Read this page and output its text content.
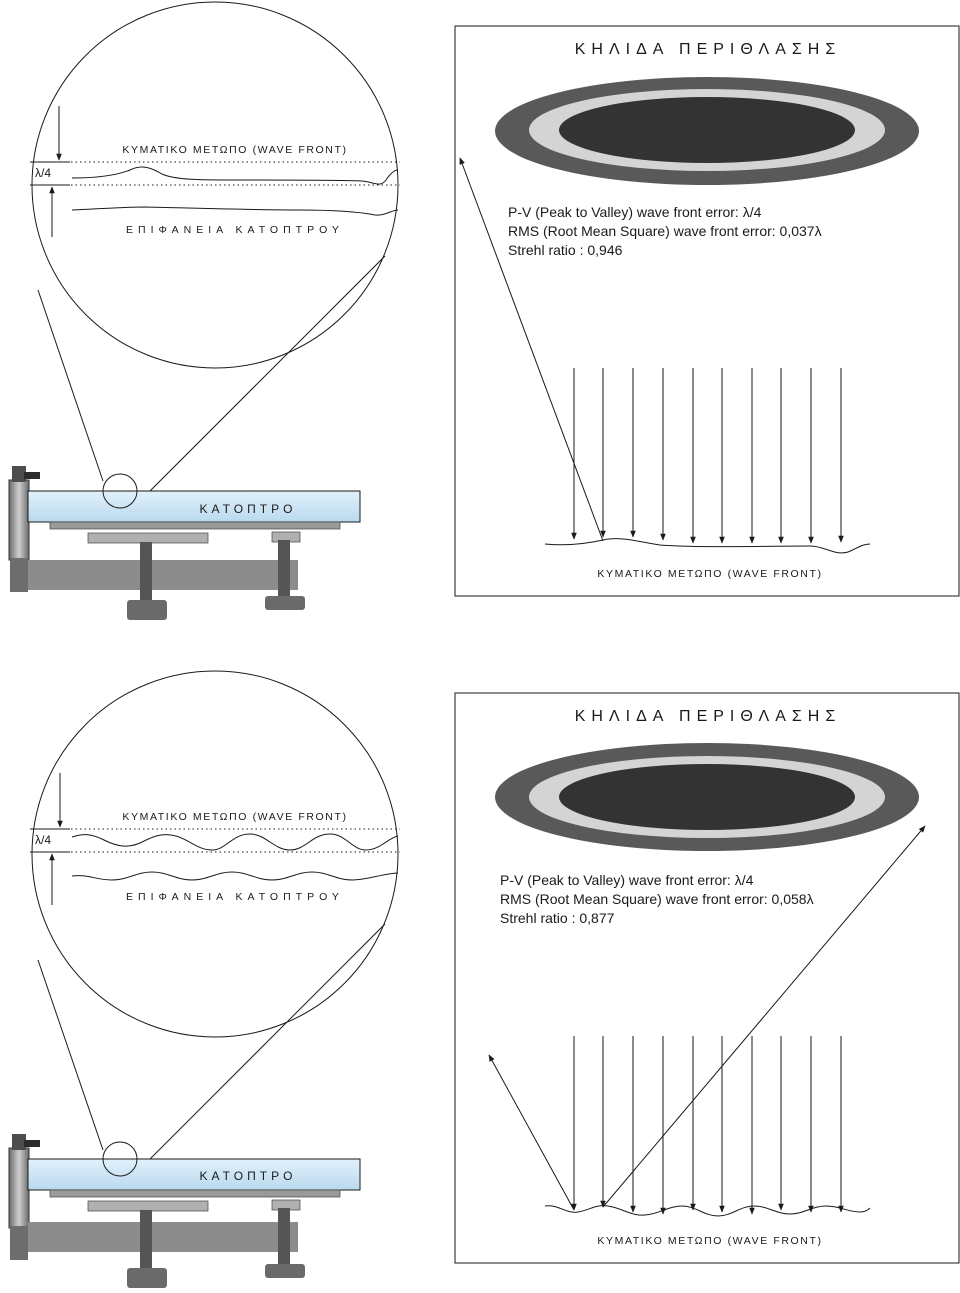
ΚΗΛΙΔΑ ΠΕΡΙΘΛΑΣΗΣ
P-V (Peak to Valley) wave front error: λ/4
RMS (Root Mean Square) wave front error: 0,037λ
Strehl ratio : 0,946
ΚΥΜΑΤΙΚΟ ΜΕΤΩΠΟ (WAVE FRONT)
ΚΥΜΑΤΙΚΟ ΜΕΤΩΠΟ (WAVE FRONT)
λ/4
ΕΠΙΦΑΝΕΙΑ ΚΑΤΟΠΤΡΟΥ
ΚΑΤΟΠΤΡΟ
ΚΗΛΙΔΑ ΠΕΡΙΘΛΑΣΗΣ
P-V (Peak to Valley) wave front error: λ/4
RMS (Root Mean Square) wave front error: 0,058λ
Strehl ratio : 0,877
ΚΥΜΑΤΙΚΟ ΜΕΤΩΠΟ (WAVE FRONT)
ΚΥΜΑΤΙΚΟ ΜΕΤΩΠΟ (WAVE FRONT)
λ/4
ΕΠΙΦΑΝΕΙΑ ΚΑΤΟΠΤΡΟΥ
ΚΑΤΟΠΤΡΟ
